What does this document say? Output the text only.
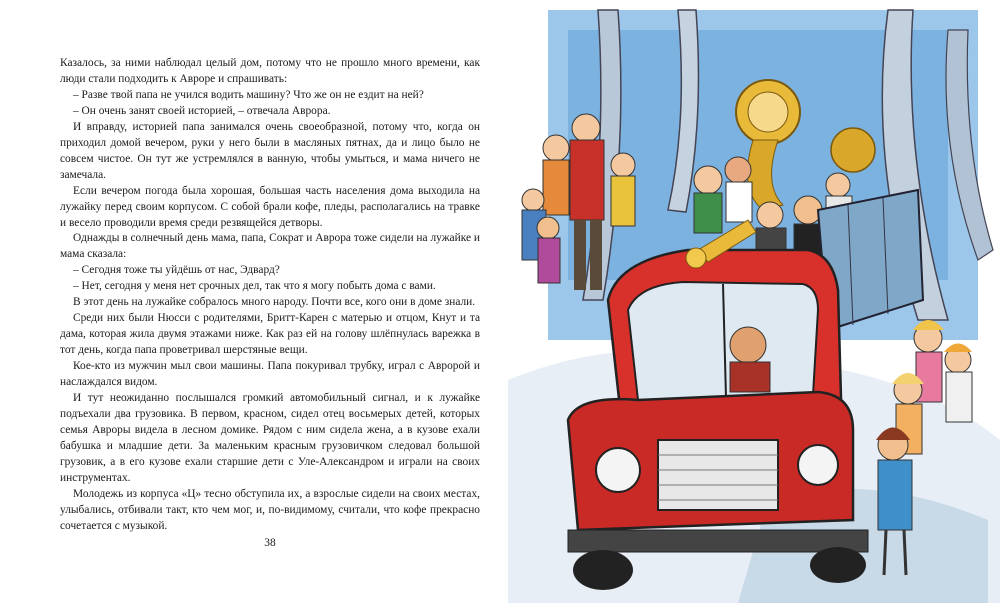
Казалось, за ними наблюдал целый дом, потому что не прошло много времени, как люди стали подходить к Авроре и спрашивать:

– Разве твой папа не учился водить машину? Что же он не ездит на ней?

– Он очень занят своей историей, – отвечала Аврора.

И вправду, историей папа занимался очень своеобразной, потому что, когда он приходил домой вечером, руки у него были в масляных пятнах, да и лицо было не совсем чистое. Он тут же устремлялся в ванную, чтобы умыться, и мама ничего не замечала.

Если вечером погода была хорошая, большая часть населения дома выходила на лужайку перед своим корпусом. С собой брали кофе, пледы, располагались на травке и весело проводили время среди резвящейся детворы.

Однажды в солнечный день мама, папа, Сократ и Аврора тоже сидели на лужайке и мама сказала:

– Сегодня тоже ты уйдёшь от нас, Эдвард?

– Нет, сегодня у меня нет срочных дел, так что я могу побыть дома с вами.

В этот день на лужайке собралось много народу. Почти все, кого они в доме знали.

Среди них были Нюсси с родителями, Бритт-Карен с матерью и отцом, Кнут и та дама, которая жила двумя этажами ниже. Как раз ей на голову шлёпнулась варежка в тот день, когда папа проветривал шерстяные вещи.

Кое-кто из мужчин мыл свои машины. Папа покуривал трубку, играл с Авророй и наслаждался видом.

И тут неожиданно послышался громкий автомобильный сигнал, и к лужайке подъехали два грузовика. В первом, красном, сидел отец восьмерых детей, которых семья Авроры видела в лесном домике. Рядом с ним сидела жена, а в кузове ехали бабушка и младшие дети. За маленьким красным грузовичком следовал большой грузовик, а в его кузове ехали старшие дети с Уле-Александром и играли на своих инструментах.

Молодежь из корпуса «Ц» тесно обступила их, а взрослые сидели на своих местах, улыбались, отбивали такт, кто чем мог, и, по-видимому, считали, что кофе прекрасно сочетается с музыкой.

38
